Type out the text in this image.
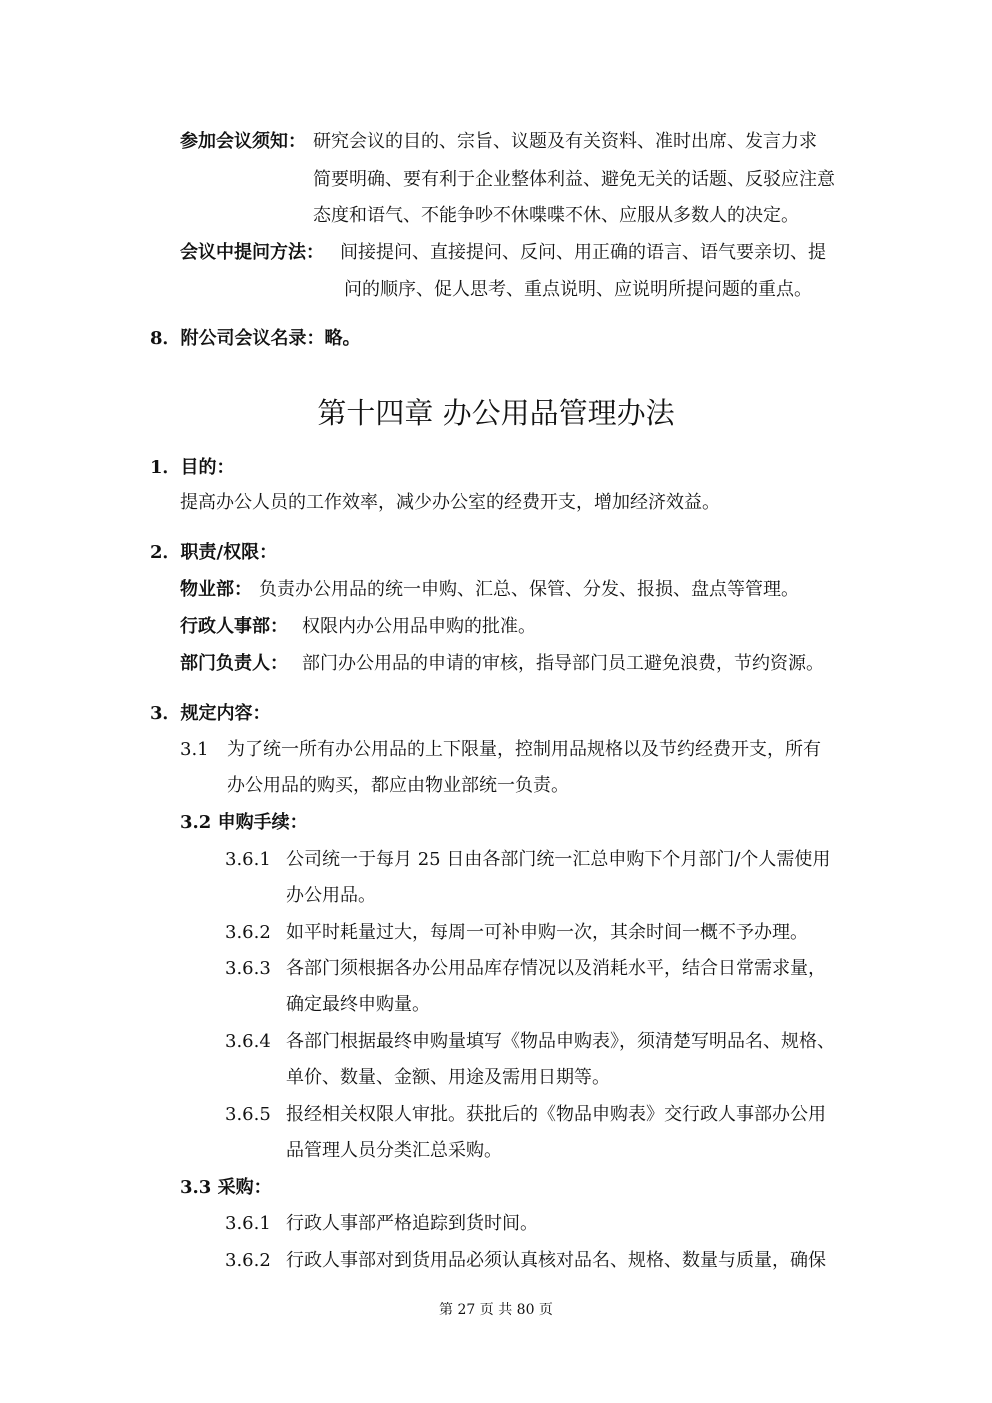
参加会议须知： 研究会议的目的、宗旨、议题及有关资料、准时出席、发言力求
简要明确、要有利于企业整体利益、避免无关的话题、反驳应注意
态度和语气、不能争吵不休喋喋不休、应服从多数人的决定。
会议中提问方法： 间接提问、直接提问、反问、用正确的语言、语气要亲切、提
问的顺序、促人思考、重点说明、应说明所提问题的重点。
8．附公司会议名录：略。
第十四章 办公用品管理办法
1．目的：
提高办公人员的工作效率，减少办公室的经费开支，增加经济效益。
2．职责/权限：
物业部： 负责办公用品的统一申购、汇总、保管、分发、报损、盘点等管理。
行政人事部： 权限内办公用品申购的批准。
部门负责人： 部门办公用品的申请的审核，指导部门员工避免浪费，节约资源。
3．规定内容：
3.1 为了统一所有办公用品的上下限量，控制用品规格以及节约经费开支，所有
办公用品的购买，都应由物业部统一负责。
3.2 申购手续：
3.6.1 公司统一于每月 25 日由各部门统一汇总申购下个月部门/个人需使用
办公用品。
3.6.2 如平时耗量过大，每周一可补申购一次，其余时间一概不予办理。
3.6.3 各部门须根据各办公用品库存情况以及消耗水平，结合日常需求量，
确定最终申购量。
3.6.4 各部门根据最终申购量填写《物品申购表》，须清楚写明品名、规格、
单价、数量、金额、用途及需用日期等。
3.6.5 报经相关权限人审批。获批后的《物品申购表》交行政人事部办公用
品管理人员分类汇总采购。
3.3 采购：
3.6.1 行政人事部严格追踪到货时间。
3.6.2 行政人事部对到货用品必须认真核对品名、规格、数量与质量，确保
第 27 页 共 80 页
